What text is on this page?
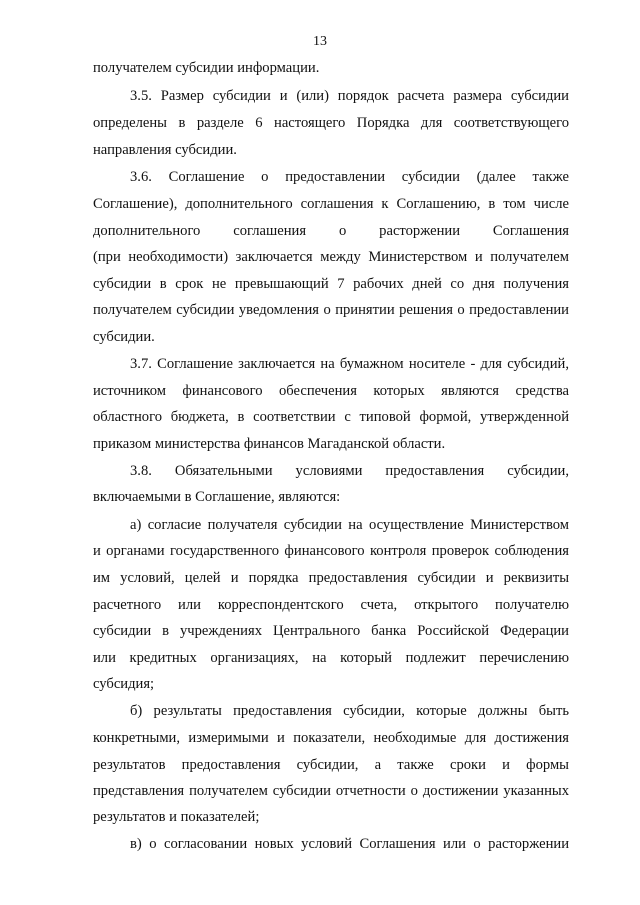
13
получателем субсидии информации.
3.5. Размер субсидии и (или) порядок расчета размера субсидии
определены в разделе 6 настоящего Порядка для соответствующего
направления субсидии.
3.6. Соглашение о предоставлении субсидии (далее также
Соглашение), дополнительного соглашения к Соглашению, в том числе
дополнительного соглашения о расторжении Соглашения
(при необходимости) заключается между Министерством и получателем
субсидии в срок не превышающий 7 рабочих дней со дня получения
получателем субсидии уведомления о принятии решения о предоставлении
субсидии.
3.7. Соглашение заключается на бумажном носителе - для субсидий,
источником финансового обеспечения которых являются средства
областного бюджета, в соответствии с типовой формой, утвержденной
приказом министерства финансов Магаданской области.
3.8. Обязательными условиями предоставления субсидии,
включаемыми в Соглашение, являются:
а) согласие получателя субсидии на осуществление Министерством
и органами государственного финансового контроля проверок соблюдения
им условий, целей и порядка предоставления субсидии и реквизиты
расчетного или корреспондентского счета, открытого получателю
субсидии в учреждениях Центрального банка Российской Федерации
или кредитных организациях, на который подлежит перечислению
субсидия;
б) результаты предоставления субсидии, которые должны быть
конкретными, измеримыми и показатели, необходимые для достижения
результатов предоставления субсидии, а также сроки и формы
представления получателем субсидии отчетности о достижении указанных
результатов и показателей;
в) о согласовании новых условий Соглашения или о расторжении
